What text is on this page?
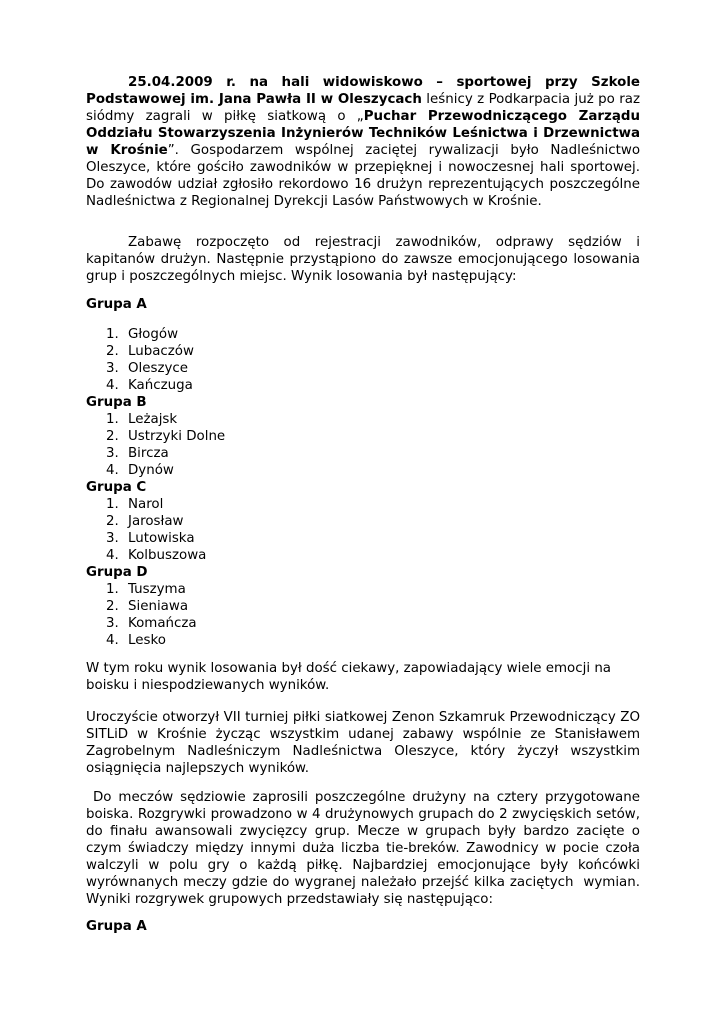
25.04.2009 r. na hali widowiskowo – sportowej przy Szkole Podstawowej im. Jana Pawła II w Oleszycach leśnicy z Podkarpacia już po raz siódmy zagrali w piłkę siatkową o „Puchar Przewodniczącego Zarządu Oddziału Stowarzyszenia Inżynierów Techników Leśnictwa i Drzewnictwa w Krośnie”. Gospodarzem wspólnej zaciętej rywalizacji było Nadleśnictwo Oleszyce, które gościło zawodników w przepięknej i nowoczesnej hali sportowej. Do zawodów udział zgłosiło rekordowo 16 drużyn reprezentujących poszczególne Nadleśnictwa z Regionalnej Dyrekcji Lasów Państwowych w Krośnie.

Zabawę rozpoczęto od rejestracji zawodników, odprawy sędziów i kapitanów drużyn. Następnie przystąpiono do zawsze emocjonującego losowania grup i poszczególnych miejsc. Wynik losowania był następujący:

Grupa A
1. Głogów
2. Lubaczów
3. Oleszyce
4. Kańczuga
Grupa B
1. Leżajsk
2. Ustrzyki Dolne
3. Bircza
4. Dynów
Grupa C
1. Narol
2. Jarosław
3. Lutowiska
4. Kolbuszowa
Grupa D
1. Tuszyma
2. Sieniawa
3. Komańcza
4. Lesko

W tym roku wynik losowania był dość ciekawy, zapowiadający wiele emocji na boisku i niespodziewanych wyników.

Uroczyście otworzył VII turniej piłki siatkowej Zenon Szkamruk Przewodniczący ZO SITLiD w Krośnie życząc wszystkim udanej zabawy wspólnie ze Stanisławem Zagrobelnym Nadleśniczym Nadleśnictwa Oleszyce, który życzył wszystkim osiągnięcia najlepszych wyników.

Do meczów sędziowie zaprosili poszczególne drużyny na cztery przygotowane boiska. Rozgrywki prowadzono w 4 drużynowych grupach do 2 zwycięskich setów, do finału awansowali zwycięzcy grup. Mecze w grupach były bardzo zacięte o czym świadczy między innymi duża liczba tie-breków. Zawodnicy w pocie czoła walczyli w polu gry o każdą piłkę. Najbardziej emocjonujące były końcówki wyrównanych meczy gdzie do wygranej należało przejść kilka zaciętych  wymian.  Wyniki rozgrywek grupowych przedstawiały się następująco:

Grupa A
